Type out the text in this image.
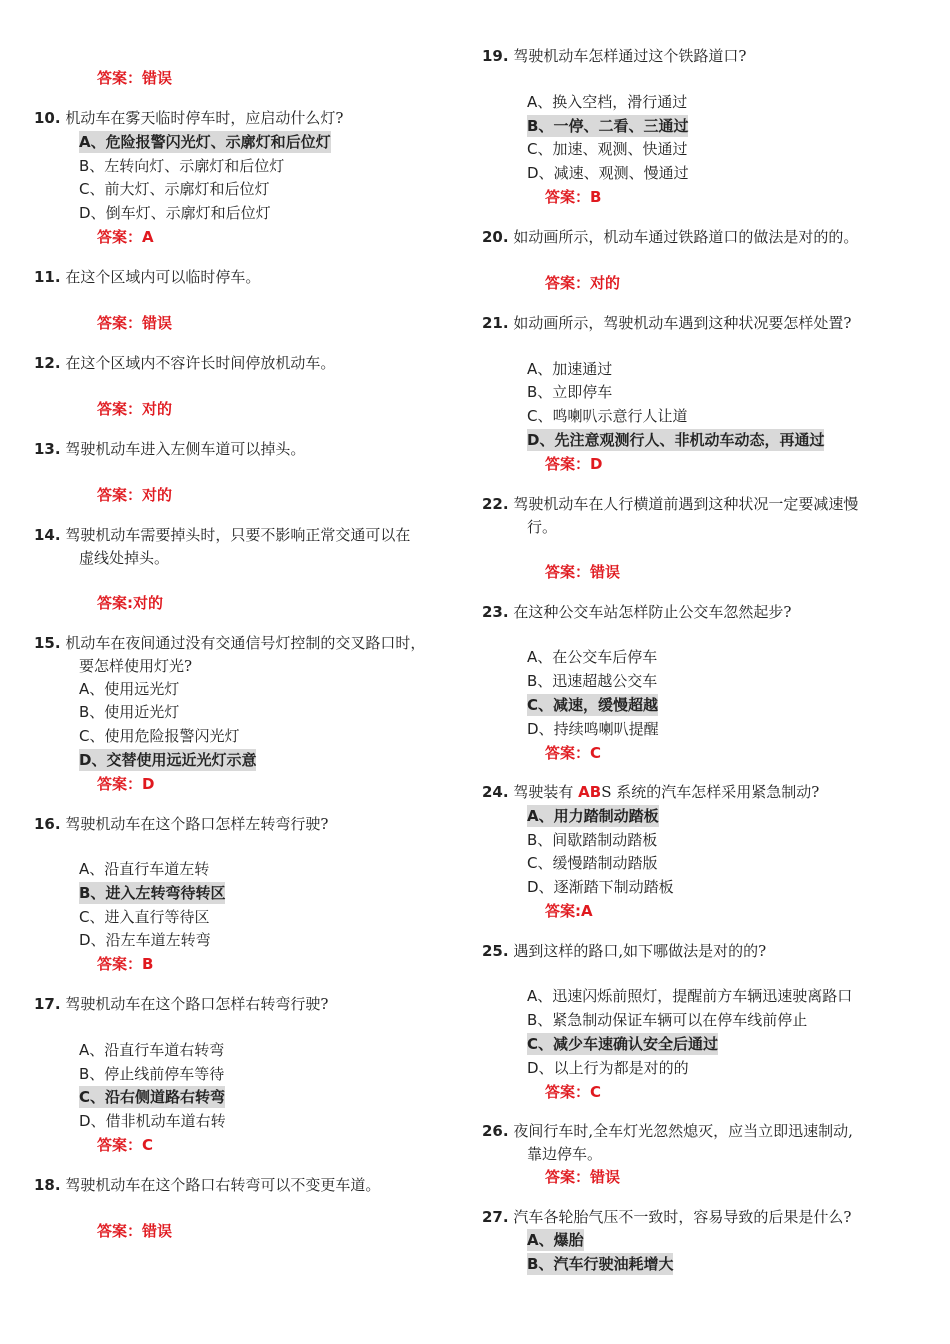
答案：错误
10. 机动车在雾天临时停车时，应启动什么灯?
A、危险报警闪光灯、示廓灯和后位灯
B、左转向灯、示廓灯和后位灯
C、前大灯、示廓灯和后位灯
D、倒车灯、示廓灯和后位灯
答案：A
11. 在这个区域内可以临时停车。
答案：错误
12. 在这个区域内不容许长时间停放机动车。
答案：对的
13. 驾驶机动车进入左侧车道可以掉头。
答案：对的
14. 驾驶机动车需要掉头时，只要不影响正常交通可以在
虚线处掉头。
答案:对的
15. 机动车在夜间通过没有交通信号灯控制的交叉路口时，
要怎样使用灯光?
A、使用远光灯
B、使用近光灯
C、使用危险报警闪光灯
D、交替使用远近光灯示意
答案：D
16. 驾驶机动车在这个路口怎样左转弯行驶?
A、沿直行车道左转
B、进入左转弯待转区
C、进入直行等待区
D、沿左车道左转弯
答案：B
17. 驾驶机动车在这个路口怎样右转弯行驶?
A、沿直行车道右转弯
B、停止线前停车等待
C、沿右侧道路右转弯
D、借非机动车道右转
答案：C
18. 驾驶机动车在这个路口右转弯可以不变更车道。
答案：错误
19. 驾驶机动车怎样通过这个铁路道口?
A、换入空档，滑行通过
B、一停、二看、三通过
C、加速、观测、快通过
D、减速、观测、慢通过
答案：B
20. 如动画所示，机动车通过铁路道口的做法是对的的。
答案：对的
21. 如动画所示，驾驶机动车遇到这种状况要怎样处置?
A、加速通过
B、立即停车
C、鸣喇叭示意行人让道
D、先注意观测行人、非机动车动态，再通过
答案：D
22. 驾驶机动车在人行横道前遇到这种状况一定要减速慢
行。
答案：错误
23. 在这种公交车站怎样防止公交车忽然起步?
A、在公交车后停车
B、迅速超越公交车
C、减速，缓慢超越
D、持续鸣喇叭提醒
答案：C
24. 驾驶装有 ABS 系统的汽车怎样采用紧急制动?
A、用力踏制动踏板
B、间歇踏制动踏板
C、缓慢踏制动踏版
D、逐渐踏下制动踏板
答案:A
25. 遇到这样的路口,如下哪做法是对的的?
A、迅速闪烁前照灯，提醒前方车辆迅速驶离路口
B、紧急制动保证车辆可以在停车线前停止
C、减少车速确认安全后通过
D、以上行为都是对的的
答案：C
26. 夜间行车时,全车灯光忽然熄灭，应当立即迅速制动,
靠边停车。
答案：错误
27. 汽车各轮胎气压不一致时，容易导致的后果是什么?
A、爆胎
B、汽车行驶油耗增大
